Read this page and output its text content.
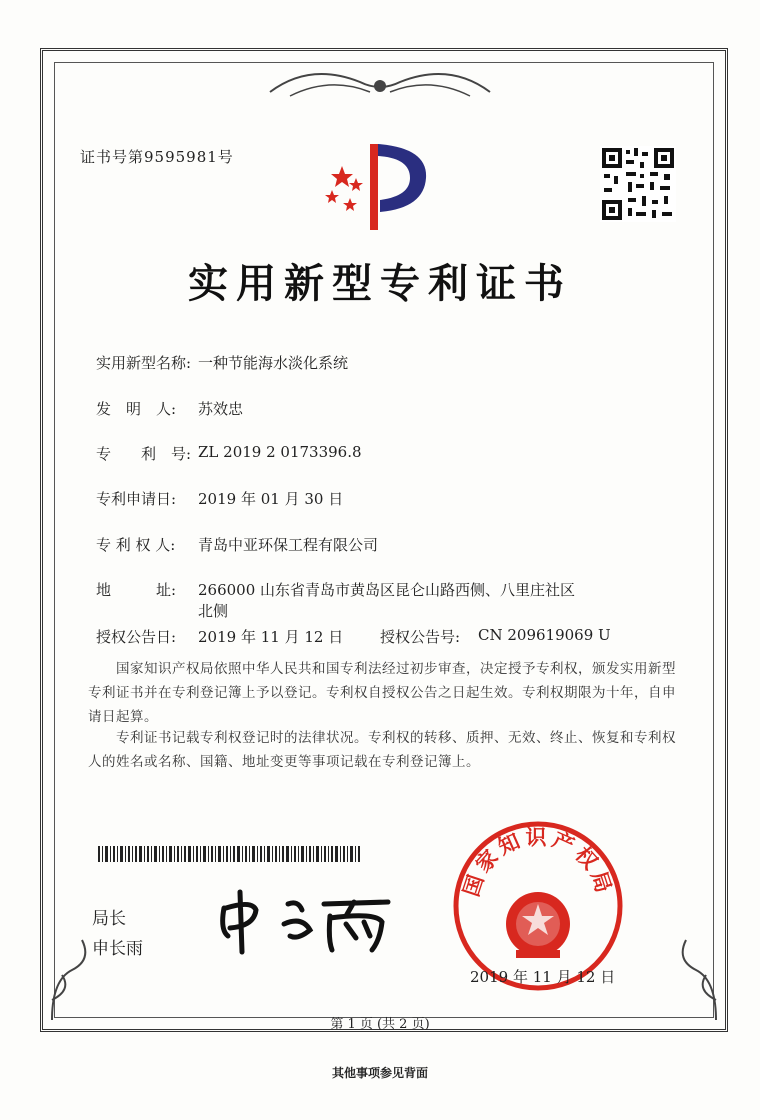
证书号第9595981号
实用新型专利证书
实用新型名称: 一种节能海水淡化系统
发　明　人: 苏效忠
专　　利　号: ZL 2019 2 0173396.8
专利申请日: 2019 年 01 月 30 日
专 利 权 人: 青岛中亚环保工程有限公司
地　　　址: 266000 山东省青岛市黄岛区昆仑山路西侧、八里庄社区
北侧
授权公告日: 2019 年 11 月 12 日 授权公告号: CN 209619069 U
国家知识产权局依照中华人民共和国专利法经过初步审查，决定授予专利权，颁发实用新型专利证书并在专利登记簿上予以登记。专利权自授权公告之日起生效。专利权期限为十年，自申请日起算。
专利证书记载专利权登记时的法律状况。专利权的转移、质押、无效、终止、恢复和专利权人的姓名或名称、国籍、地址变更等事项记载在专利登记簿上。
局长
申长雨
国家知识产权局
2019 年 11 月 12 日
第 1 页 (共 2 页)
其他事项参见背面
